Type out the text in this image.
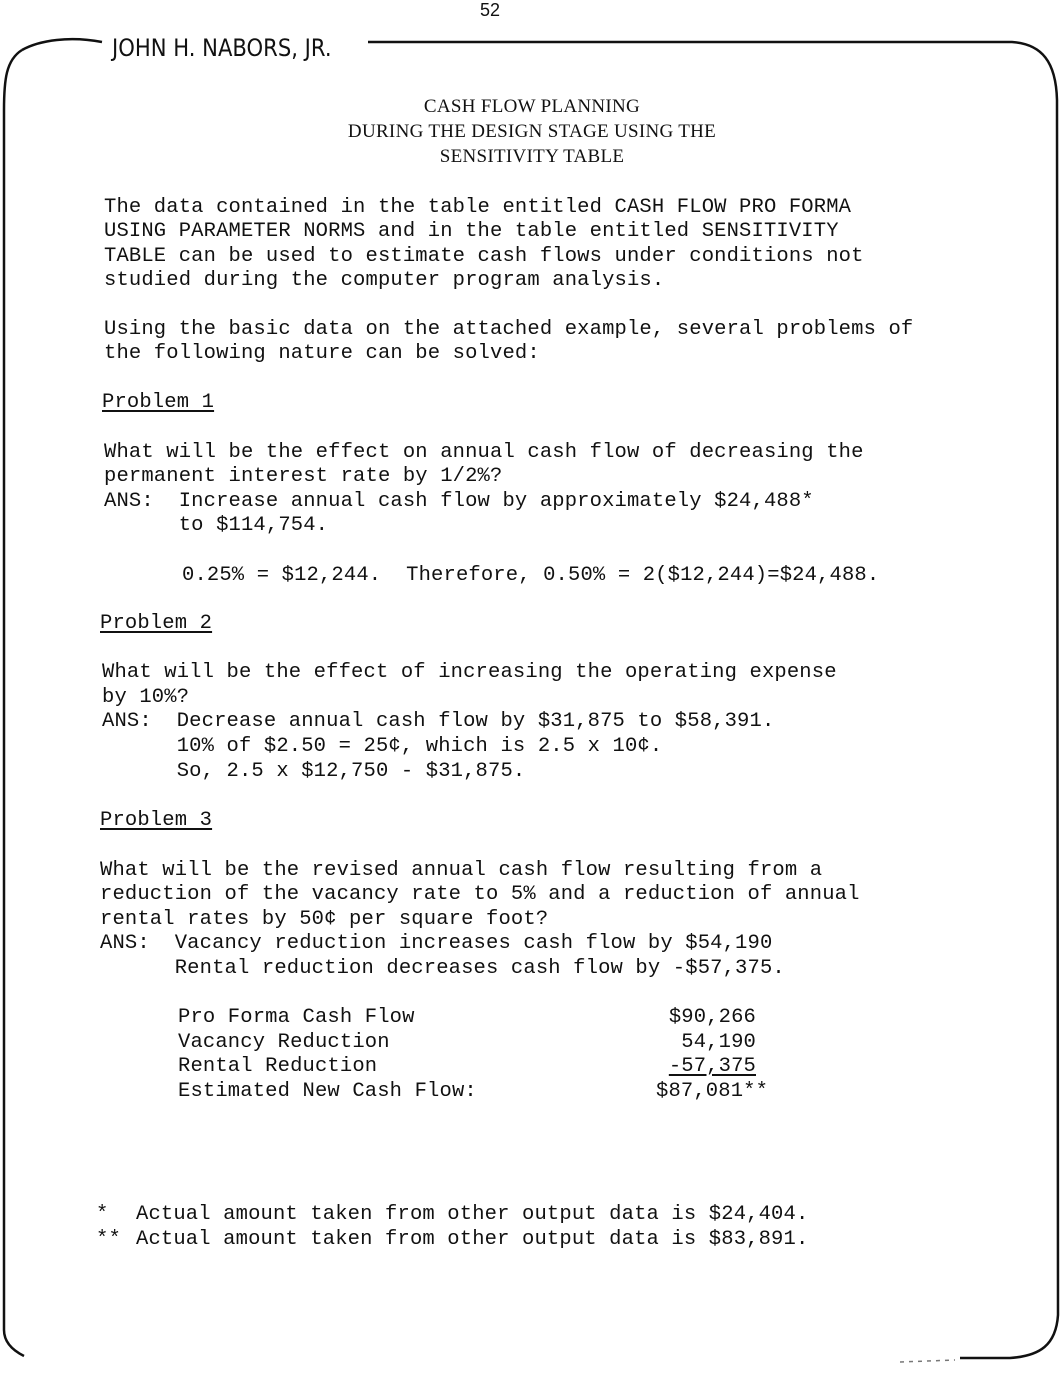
52
JOHN H. NABORS, JR.
CASH FLOW PLANNING
DURING THE DESIGN STAGE USING THE
SENSITIVITY TABLE
The data contained in the table entitled CASH FLOW PRO FORMA
USING PARAMETER NORMS and in the table entitled SENSITIVITY
TABLE can be used to estimate cash flows under conditions not
studied during the computer program analysis.
Using the basic data on the attached example, several problems of
the following nature can be solved:
Problem 1
What will be the effect on annual cash flow of decreasing the
permanent interest rate by 1/2%?
ANS:  Increase annual cash flow by approximately $24,488*
to $114,754.
0.25% = $12,244.  Therefore, 0.50% = 2($12,244)=$24,488.
Problem 2
What will be the effect of increasing the operating expense
by 10%?
ANS:  Decrease annual cash flow by $31,875 to $58,391.
10% of $2.50 = 25¢, which is 2.5 x 10¢.
So, 2.5 x $12,750 - $31,875.
Problem 3
What will be the revised annual cash flow resulting from a
reduction of the vacancy rate to 5% and a reduction of annual
rental rates by 50¢ per square foot?
ANS:  Vacancy reduction increases cash flow by $54,190
Rental reduction decreases cash flow by -$57,375.
Pro Forma Cash Flow	$90,266
Vacancy Reduction	54,190
Rental Reduction	-57,375
Estimated New Cash Flow:	$87,081**
* Actual amount taken from other output data is $24,404.
** Actual amount taken from other output data is $83,891.
